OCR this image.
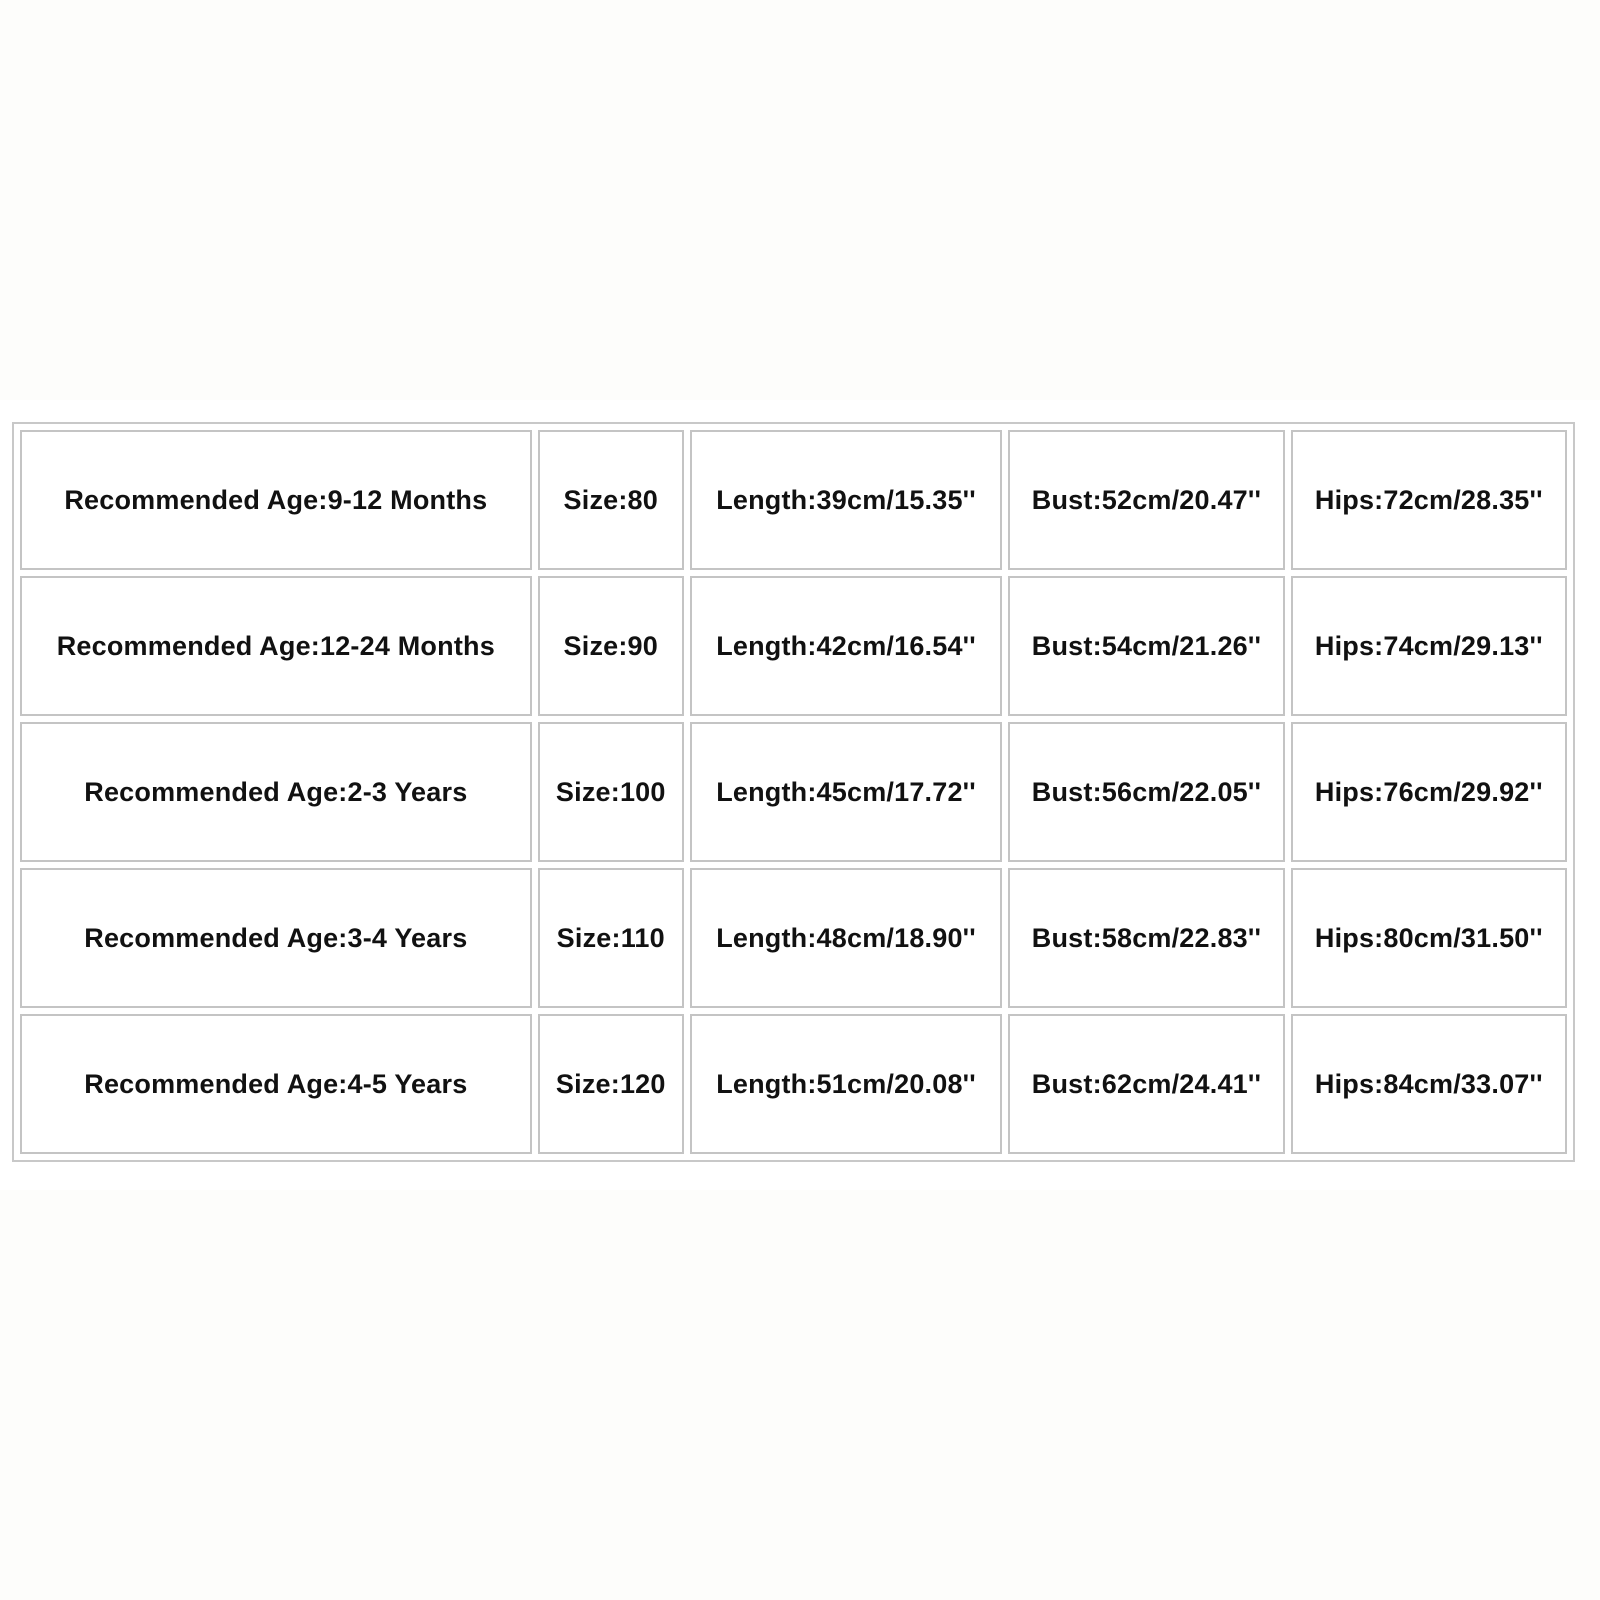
Recommended Age:9-12 Months	Size:80	Length:39cm/15.35''	Bust:52cm/20.47''	Hips:72cm/28.35''
Recommended Age:12-24 Months	Size:90	Length:42cm/16.54''	Bust:54cm/21.26''	Hips:74cm/29.13''
Recommended Age:2-3 Years	Size:100	Length:45cm/17.72''	Bust:56cm/22.05''	Hips:76cm/29.92''
Recommended Age:3-4 Years	Size:110	Length:48cm/18.90''	Bust:58cm/22.83''	Hips:80cm/31.50''
Recommended Age:4-5 Years	Size:120	Length:51cm/20.08''	Bust:62cm/24.41''	Hips:84cm/33.07''
